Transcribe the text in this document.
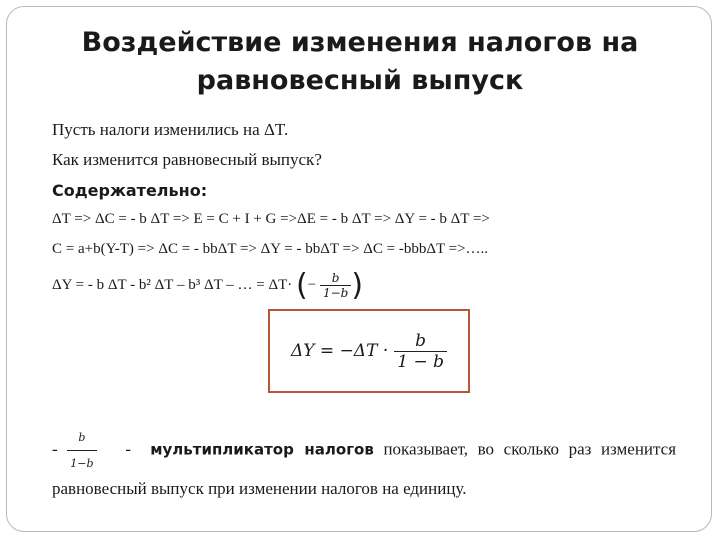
Воздействие изменения налогов на
равновесный выпуск
Пусть налоги изменились на ΔT.
Как изменится равновесный выпуск?
Содержательно:
ΔT => ΔC = - b ΔT => E = C + I + G =>ΔE = - b ΔT => ΔY = - b ΔT =>
C = a+b(Y-T) => ΔC = - bbΔT => ΔY = - bbΔT => ΔC = -bbbΔT =>…..
ΔY = - b ΔT - b² ΔT – b³ ΔT – … = ΔT· (− $\frac{b}{1-b}$ )
$\Delta Y = -\Delta T \cdot \frac{b}{1 - b}$
- $\frac{b}{1-b}$ - мультипликатор налогов показывает, во сколько раз изменится равновесный выпуск при изменении налогов на единицу.
